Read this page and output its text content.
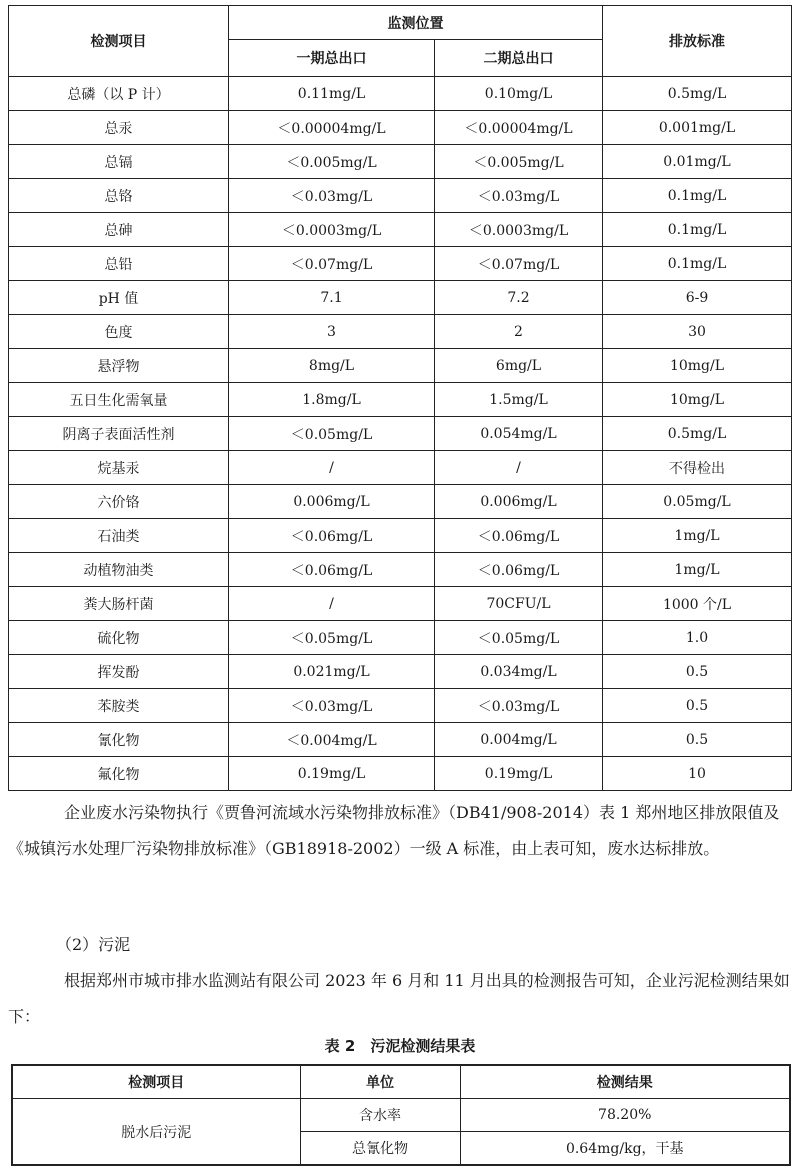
检测项目	监测位置		排放标准
	一期总出口	二期总出口	
总磷（以 P 计）	0.11mg/L	0.10mg/L	0.5mg/L
总汞	＜0.00004mg/L	＜0.00004mg/L	0.001mg/L
总镉	＜0.005mg/L	＜0.005mg/L	0.01mg/L
总铬	＜0.03mg/L	＜0.03mg/L	0.1mg/L
总砷	＜0.0003mg/L	＜0.0003mg/L	0.1mg/L
总铅	＜0.07mg/L	＜0.07mg/L	0.1mg/L
pH 值	7.1	7.2	6-9
色度	3	2	30
悬浮物	8mg/L	6mg/L	10mg/L
五日生化需氧量	1.8mg/L	1.5mg/L	10mg/L
阴离子表面活性剂	＜0.05mg/L	0.054mg/L	0.5mg/L
烷基汞	/	/	不得检出
六价铬	0.006mg/L	0.006mg/L	0.05mg/L
石油类	＜0.06mg/L	＜0.06mg/L	1mg/L
动植物油类	＜0.06mg/L	＜0.06mg/L	1mg/L
粪大肠杆菌	/	70CFU/L	1000 个/L
硫化物	＜0.05mg/L	＜0.05mg/L	1.0
挥发酚	0.021mg/L	0.034mg/L	0.5
苯胺类	＜0.03mg/L	＜0.03mg/L	0.5
氰化物	＜0.004mg/L	0.004mg/L	0.5
氟化物	0.19mg/L	0.19mg/L	10
企业废水污染物执行《贾鲁河流域水污染物排放标准》（DB41/908-2014）表 1 郑州地区排放限值及《城镇污水处理厂污染物排放标准》（GB18918-2002）一级 A 标准，由上表可知，废水达标排放。
（2）污泥
根据郑州市城市排水监测站有限公司 2023 年 6 月和 11 月出具的检测报告可知，企业污泥检测结果如下：
表 2　污泥检测结果表
检测项目	单位	检测结果
脱水后污泥	含水率	78.20%
	总氰化物	0.64mg/kg，干基
